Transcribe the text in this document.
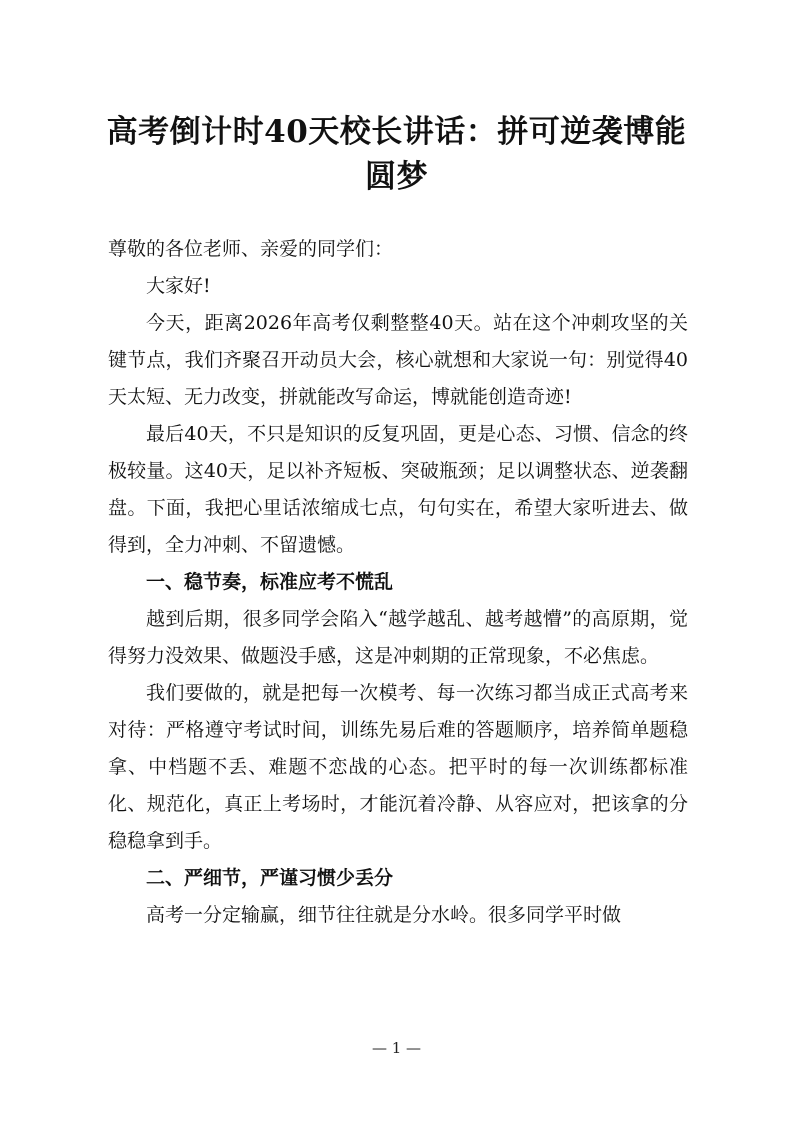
高考倒计时40天校长讲话：拼可逆袭博能圆梦

尊敬的各位老师、亲爱的同学们：

大家好!

今天，距离2026年高考仅剩整整40天。站在这个冲刺攻坚的关键节点，我们齐聚召开动员大会，核心就想和大家说一句：别觉得40天太短、无力改变，拼就能改写命运，博就能创造奇迹!

最后40天，不只是知识的反复巩固，更是心态、习惯、信念的终极较量。这40天，足以补齐短板、突破瓶颈；足以调整状态、逆袭翻盘。下面，我把心里话浓缩成七点，句句实在，希望大家听进去、做得到，全力冲刺、不留遗憾。

一、稳节奏，标准应考不慌乱

越到后期，很多同学会陷入“越学越乱、越考越懵”的高原期，觉得努力没效果、做题没手感，这是冲刺期的正常现象，不必焦虑。

我们要做的，就是把每一次模考、每一次练习都当成正式高考来对待：严格遵守考试时间，训练先易后难的答题顺序，培养简单题稳拿、中档题不丢、难题不恋战的心态。把平时的每一次训练都标准化、规范化，真正上考场时，才能沉着冷静、从容应对，把该拿的分稳稳拿到手。

二、严细节，严谨习惯少丢分

高考一分定输赢，细节往往就是分水岭。很多同学平时做

— 1 —
